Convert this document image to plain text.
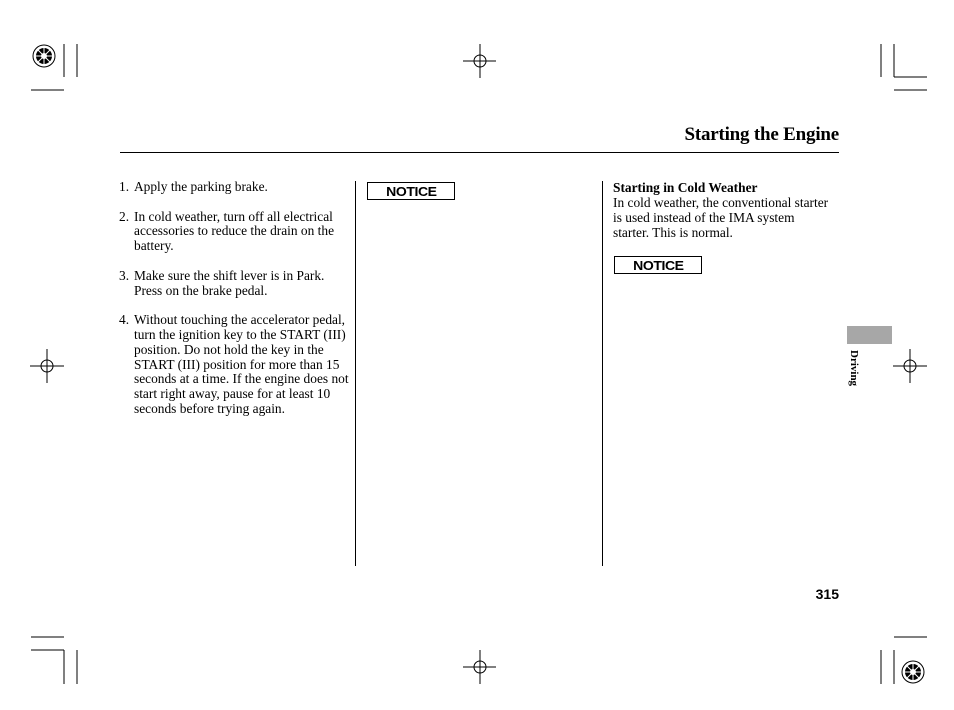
Starting the Engine
1. Apply the parking brake.
2. In cold weather, turn off all electrical accessories to reduce the drain on the battery.
3. Make sure the shift lever is in Park. Press on the brake pedal.
4. Without touching the accelerator pedal, turn the ignition key to the START (III) position. Do not hold the key in the START (III) position for more than 15 seconds at a time. If the engine does not start right away, pause for at least 10 seconds before trying again.
NOTICE	Starting in Cold Weather
In cold weather, the conventional starter is used instead of the IMA system starter. This is normal.
NOTICE
Driving
315
